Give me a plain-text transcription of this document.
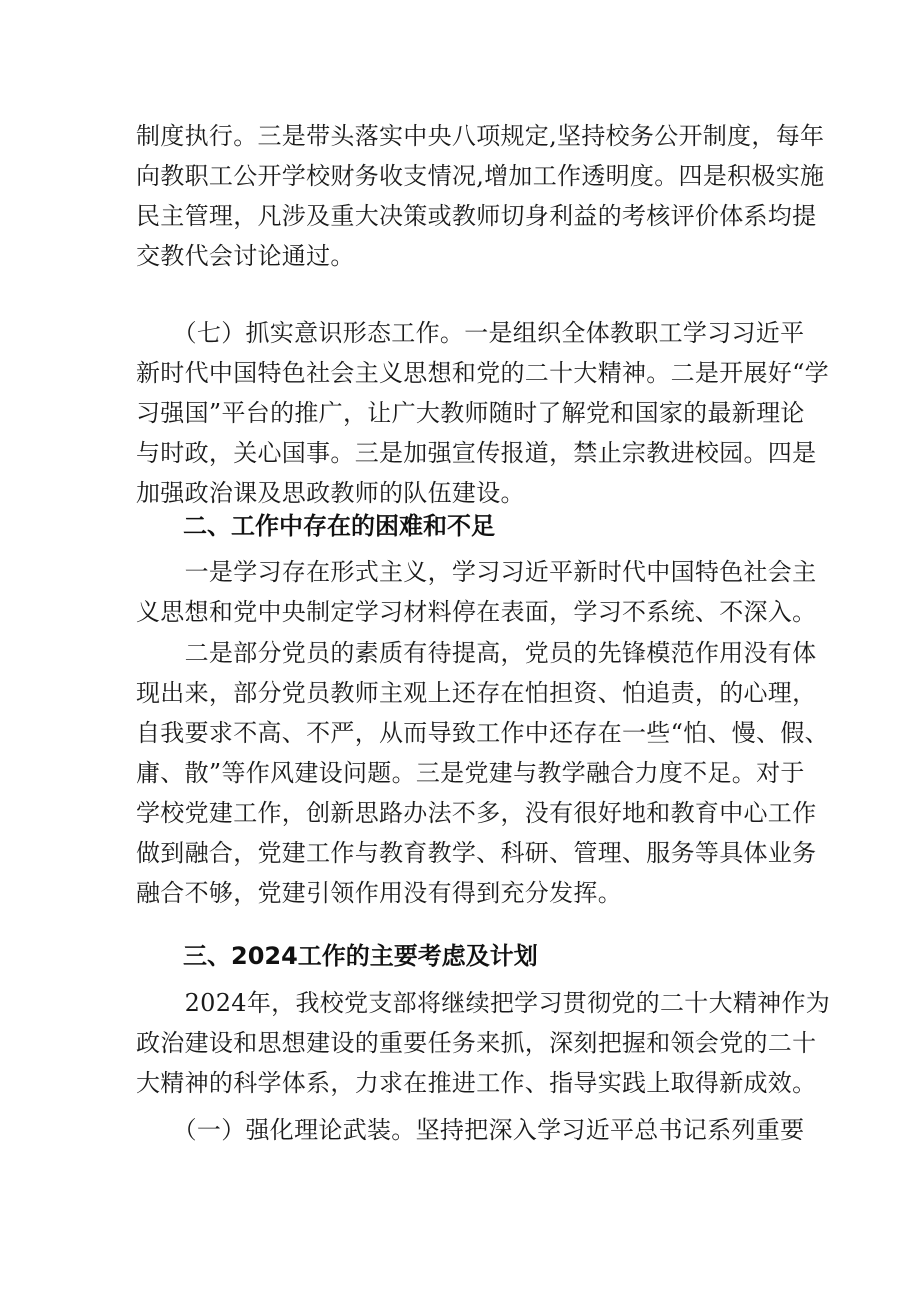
制度执行。三是带头落实中央八项规定,坚持校务公开制度，每年
向教职工公开学校财务收支情况,增加工作透明度。四是积极实施
民主管理，凡涉及重大决策或教师切身利益的考核评价体系均提
交教代会讨论通过。
　　（七）抓实意识形态工作。一是组织全体教职工学习习近平
新时代中国特色社会主义思想和党的二十大精神。二是开展好“学
习强国”平台的推广，让广大教师随时了解党和国家的最新理论
与时政，关心国事。三是加强宣传报道，禁止宗教进校园。四是
加强政治课及思政教师的队伍建设。
二、工作中存在的困难和不足
　　一是学习存在形式主义，学习习近平新时代中国特色社会主
义思想和党中央制定学习材料停在表面，学习不系统、不深入。
　　二是部分党员的素质有待提高，党员的先锋模范作用没有体
现出来，部分党员教师主观上还存在怕担资、怕追责，的心理，
自我要求不高、不严，从而导致工作中还存在一些“怕、慢、假、
庸、散”等作风建设问题。三是党建与教学融合力度不足。对于
学校党建工作，创新思路办法不多，没有很好地和教育中心工作
做到融合，党建工作与教育教学、科研、管理、服务等具体业务
融合不够，党建引领作用没有得到充分发挥。
三、2024工作的主要考虑及计划
　　2024年，我校党支部将继续把学习贯彻党的二十大精神作为
政治建设和思想建设的重要任务来抓，深刻把握和领会党的二十
大精神的科学体系，力求在推进工作、指导实践上取得新成效。
　　（一）强化理论武装。坚持把深入学习近平总书记系列重要
